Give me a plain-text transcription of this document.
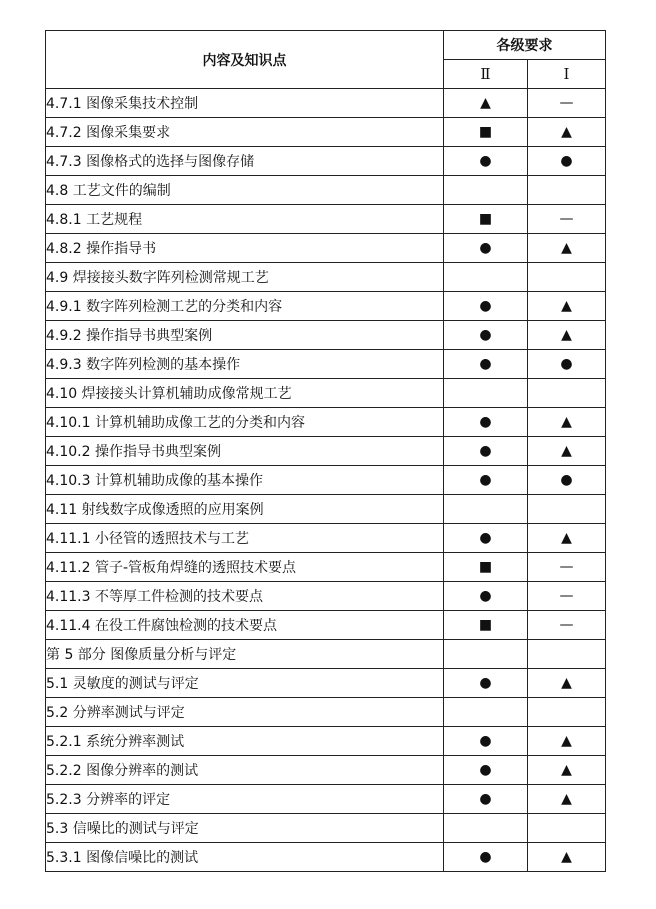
内容及知识点	各级要求	
	Ⅱ	Ⅰ
4.7.1 图像采集技术控制	▲	—
4.7.2 图像采集要求	■	▲
4.7.3 图像格式的选择与图像存储	●	●
4.8 工艺文件的编制		
4.8.1 工艺规程	■	—
4.8.2 操作指导书	●	▲
4.9 焊接接头数字阵列检测常规工艺		
4.9.1 数字阵列检测工艺的分类和内容	●	▲
4.9.2 操作指导书典型案例	●	▲
4.9.3 数字阵列检测的基本操作	●	●
4.10 焊接接头计算机辅助成像常规工艺		
4.10.1 计算机辅助成像工艺的分类和内容	●	▲
4.10.2 操作指导书典型案例	●	▲
4.10.3 计算机辅助成像的基本操作	●	●
4.11 射线数字成像透照的应用案例		
4.11.1 小径管的透照技术与工艺	●	▲
4.11.2 管子-管板角焊缝的透照技术要点	■	—
4.11.3 不等厚工件检测的技术要点	●	—
4.11.4 在役工件腐蚀检测的技术要点	■	—
第 5 部分 图像质量分析与评定		
5.1 灵敏度的测试与评定	●	▲
5.2 分辨率测试与评定		
5.2.1 系统分辨率测试	●	▲
5.2.2 图像分辨率的测试	●	▲
5.2.3 分辨率的评定	●	▲
5.3 信噪比的测试与评定		
5.3.1 图像信噪比的测试	●	▲
